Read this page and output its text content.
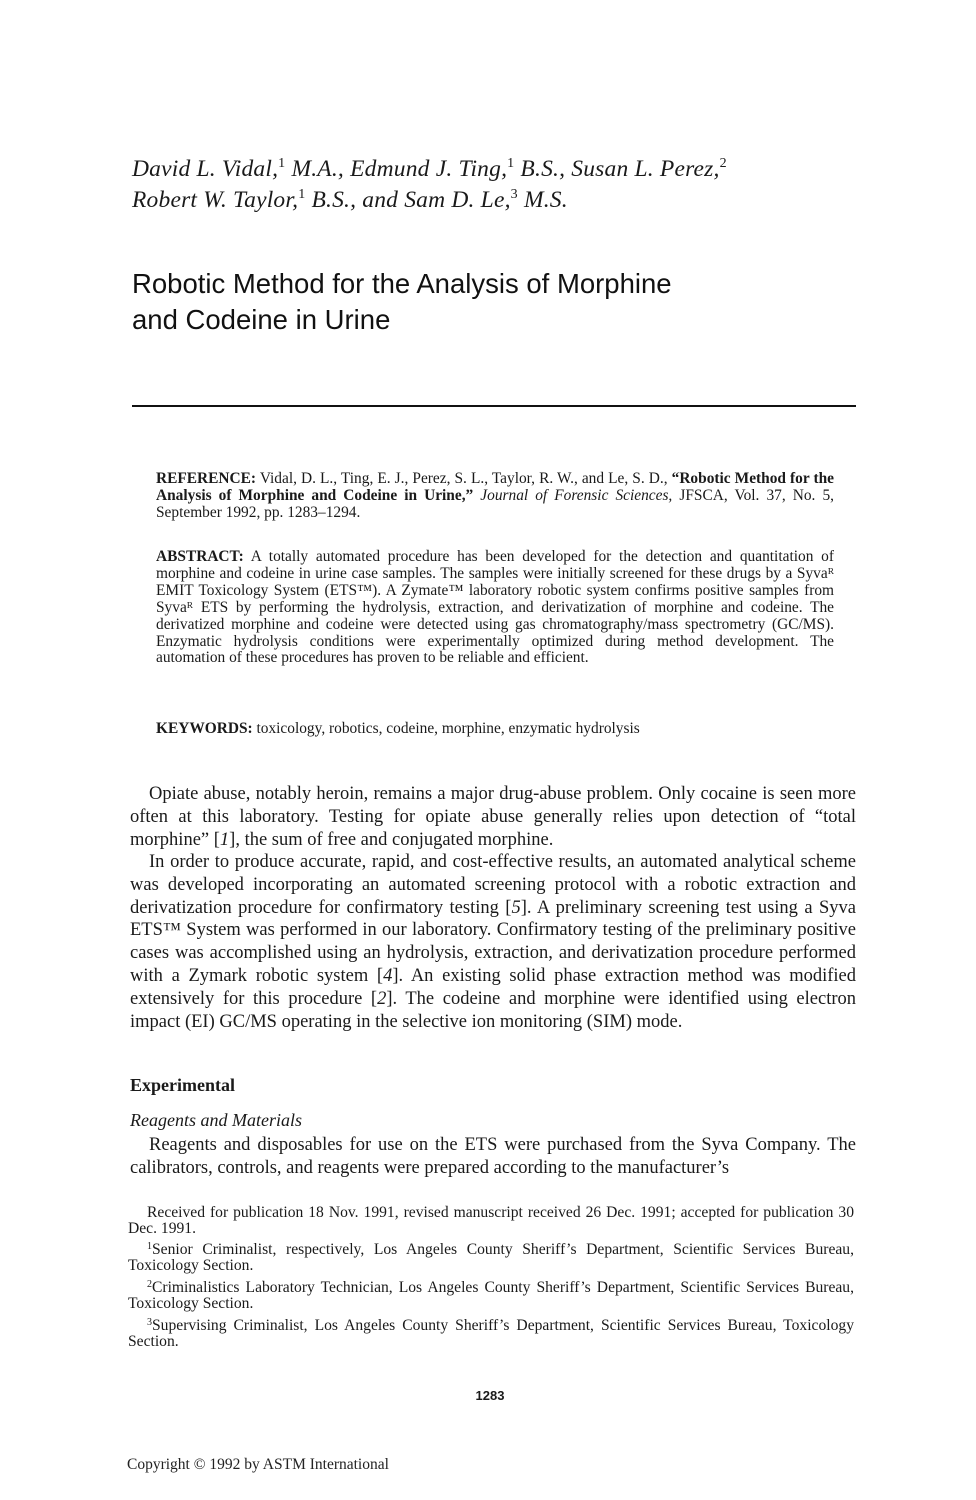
David L. Vidal,$^1$ M.A., Edmund J. Ting,$^1$ B.S., Susan L. Perez,$^2$
Robert W. Taylor,$^1$ B.S., and Sam D. Le,$^3$ M.S.
Robotic Method for the Analysis of Morphine
and Codeine in Urine
REFERENCE: Vidal, D. L., Ting, E. J., Perez, S. L., Taylor, R. W., and Le, S. D., “Robotic Method for the Analysis of Morphine and Codeine in Urine,” Journal of Forensic Sciences, JFSCA, Vol. 37, No. 5, September 1992, pp. 1283–1294.
ABSTRACT: A totally automated procedure has been developed for the detection and quantitation of morphine and codeine in urine case samples. The samples were initially screened for these drugs by a Syvaᴿ EMIT Toxicology System (ETS™). A Zymate™ laboratory robotic system confirms positive samples from Syvaᴿ ETS by performing the hydrolysis, extraction, and derivatization of morphine and codeine. The derivatized morphine and codeine were detected using gas chromatography/mass spectrometry (GC/MS). Enzymatic hydrolysis conditions were experimentally optimized during method development. The automation of these procedures has proven to be reliable and efficient.
KEYWORDS: toxicology, robotics, codeine, morphine, enzymatic hydrolysis

Opiate abuse, notably heroin, remains a major drug-abuse problem. Only cocaine is seen more often at this laboratory. Testing for opiate abuse generally relies upon detection of “total morphine” [1], the sum of free and conjugated morphine.

In order to produce accurate, rapid, and cost-effective results, an automated analytical scheme was developed incorporating an automated screening protocol with a robotic extraction and derivatization procedure for confirmatory testing [5]. A preliminary screening test using a Syva ETS™ System was performed in our laboratory. Confirmatory testing of the preliminary positive cases was accomplished using an hydrolysis, extraction, and derivatization procedure performed with a Zymark robotic system [4]. An existing solid phase extraction method was modified extensively for this procedure [2]. The codeine and morphine were identified using electron impact (EI) GC/MS operating in the selective ion monitoring (SIM) mode.

Experimental
Reagents and Materials

Reagents and disposables for use on the ETS were purchased from the Syva Company. The calibrators, controls, and reagents were prepared according to the manufacturer’s

Received for publication 18 Nov. 1991, revised manuscript received 26 Dec. 1991; accepted for publication 30 Dec. 1991.

$^1$Senior Criminalist, respectively, Los Angeles County Sheriff’s Department, Scientific Services Bureau, Toxicology Section.

$^2$Criminalistics Laboratory Technician, Los Angeles County Sheriff’s Department, Scientific Services Bureau, Toxicology Section.

$^3$Supervising Criminalist, Los Angeles County Sheriff’s Department, Scientific Services Bureau, Toxicology Section.

1283
Copyright © 1992 by ASTM International
